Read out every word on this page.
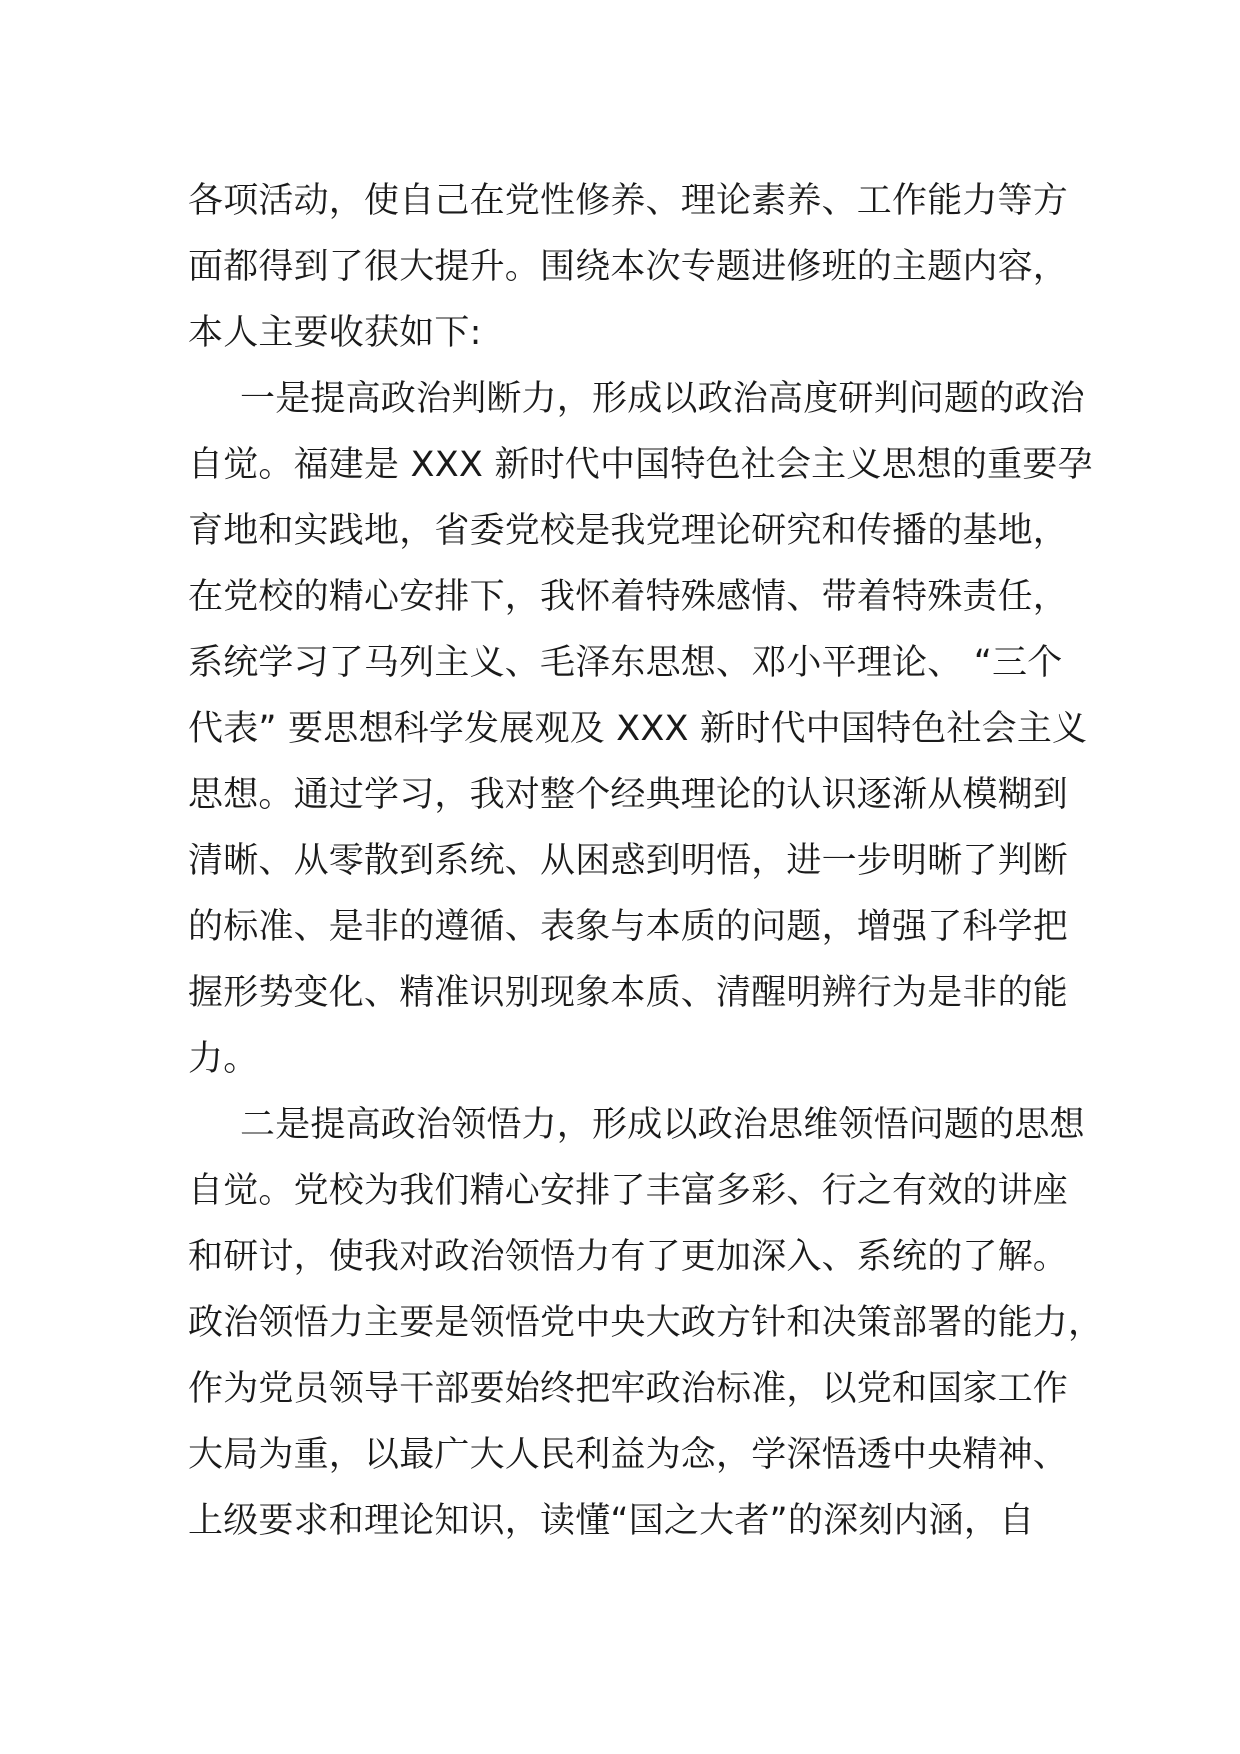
各项活动，使自己在党性修养、理论素养、工作能力等方
面都得到了很大提升。围绕本次专题进修班的主题内容，
本人主要收获如下:
一是提高政治判断力，形成以政治高度研判问题的政治
自觉。福建是 XXX 新时代中国特色社会主义思想的重要孕
育地和实践地，省委党校是我党理论研究和传播的基地，
在党校的精心安排下，我怀着特殊感情、带着特殊责任，
系统学习了马列主义、毛泽东思想、邓小平理论、 “三个
代表” 要思想科学发展观及 XXX 新时代中国特色社会主义
思想。通过学习，我对整个经典理论的认识逐渐从模糊到
清晰、从零散到系统、从困惑到明悟，进一步明晰了判断
的标准、是非的遵循、表象与本质的问题，增强了科学把
握形势变化、精准识别现象本质、清醒明辨行为是非的能
力。
二是提高政治领悟力，形成以政治思维领悟问题的思想
自觉。党校为我们精心安排了丰富多彩、行之有效的讲座
和研讨，使我对政治领悟力有了更加深入、系统的了解。
政治领悟力主要是领悟党中央大政方针和决策部署的能力，
作为党员领导干部要始终把牢政治标准，以党和国家工作
大局为重，以最广大人民利益为念，学深悟透中央精神、
上级要求和理论知识，读懂“国之大者”的深刻内涵，自
